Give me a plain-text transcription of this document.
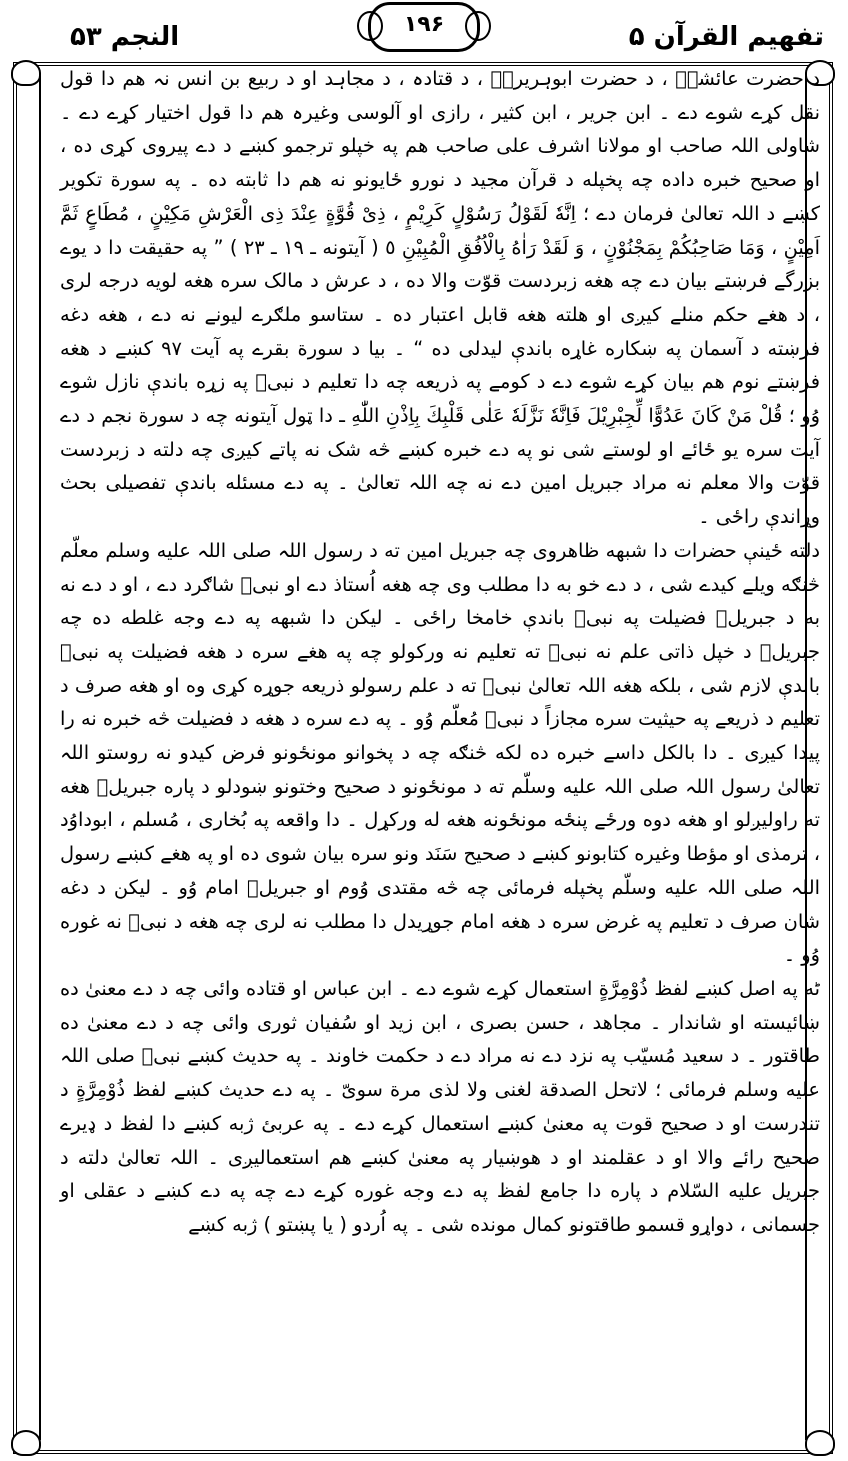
النجم ۵۳	۱۹۶	تفهیم القرآن ۵

د حضرت عائشہؓ ، د حضرت ابوہریرہؓ ، د قتادہ ، د مجاہد او د ربیع بن انس نہ ھم دا قول نقل کړے شوے دے ۔ ابن جریر ، ابن کثیر ، رازی او آلوسی وغیرہ ھم دا قول اختیار کړے دے ۔ شاولی اللہ صاحب او مولانا اشرف علی صاحب هم په خپلو ترجمو کښے د دے پیروی کړی ده ، او صحیح خبره داده چه پخپله د قرآن مجید د نورو ځایونو نه هم دا ثابته ده ۔ په سورة تکویر کښے د اللہ تعالیٰ فرمان دے ؛ اِنَّهٗ لَقَوْلُ رَسُوْلٍ كَرِيْمٍ ، ذِىْ قُوَّةٍ عِنْدَ ذِى الْعَرْشِ مَكِيْنٍ ، مُطَاعٍ ثَمَّ اَمِيْنٍ ، وَمَا صَاحِبُكُمْ بِمَجْنُوْنٍ ، وَ لَقَدْ رَاٰهُ بِالْاُفُقِ الْمُبِيْنِ ٥ ( آیتونه ـ ۱۹ ـ ۲۳ ) ” په حقیقت دا د یوے بزرگے فرښتے بیان دے چه هغه زبردست قوّت والا ده ، د عرش د مالک سره هغه لویه درجه لری ، د هغے حکم منلے کیږی او هلته هغه قابل اعتبار ده ۔ ستاسو ملګرے لیونے نه دے ، هغه دغه فرښته د آسمان په ښکاره غاړه باندې لیدلی ده “ ۔ بیا د سورة بقرے په آیت ۹۷ کښے د هغه فرښتے نوم هم بیان کړے شوے دے د کومے په ذریعه چه دا تعلیم د نبیؐ په زړه باندې نازل شوے وُو ؛ قُلْ مَنْ كَانَ عَدُوًّا لِّجِبْرِيْلَ فَاِنَّهٗ نَزَّلَهٗ عَلٰى قَلْبِكَ بِاِذْنِ اللّٰهِ ـ دا ټول آیتونه چه د سورة نجم د دے آیت سره یو ځائے او لوستے شی نو په دے خبره کښے څه شک نه پاتے کیږی چه دلته د زبردست قوّت والا معلم نه مراد جبریل امین دے نه چه اللہ تعالیٰ ۔ په دے مسئله باندې تفصیلی بحث وړاندې راځی ۔

دلته ځینې حضرات دا شبهه ظاهروی چه جبریل امین ته د رسول اللہ صلی اللہ علیه وسلم معلّم څنګه ویلے کیدے شی ، د دے خو به دا مطلب وی چه هغه اُستاذ دے او نبیؐ شاګرد دے ، او د دے نه به د جبریلؑ فضیلت په نبیؐ باندې خامخا راځی ۔ لیکن دا شبهه په دے وجه غلطه ده چه جبریلؑ د خپل ذاتی علم نه نبیؐ ته تعلیم نه ورکولو چه په هغے سره د هغه فضیلت په نبیؐ باندې لازم شی ، بلکه هغه اللہ تعالیٰ نبیؐ ته د علم رسولو ذریعه جوړه کړی وه او هغه صرف د تعلیم د ذریعے په حیثیت سره مجازاً د نبیؐ مُعلّم وُو ۔ په دے سره د هغه د فضیلت څه خبره نه را پیدا کیږی ۔ دا بالکل داسے خبره ده لکه څنګه چه د پخوانو مونځونو فرض کیدو نه روستو اللہ تعالیٰ رسول اللہ صلی اللہ علیه وسلّم ته د مونځونو د صحیح وختونو ښودلو د پاره جبریلؑ هغه ته راولیږلو او هغه دوه ورځے پنځه مونځونه هغه له ورکړل ۔ دا واقعه په بُخاری ، مُسلم ، ابوداوُد ، ترمذی او مؤطا وغیره کتابونو کښے د صحیح سَنَد ونو سره بیان شوی ده او په هغے کښے رسول اللہ صلی اللہ علیه وسلّم پخپله فرمائی چه څه مقتدی وُوم او جبریلؑ امام وُو ۔ لیکن د دغه شان صرف د تعلیم په غرض سره د هغه امام جوړیدل دا مطلب نه لری چه هغه د نبیؐ نه غوره وُو ۔

ٹه په اصل کښے لفظ ذُوْمِرَّةٍ استعمال کړے شوے دے ۔ ابن عباس او قتاده وائی چه د دے معنیٰ ده ښائیسته او شاندار ۔ مجاهد ، حسن بصری ، ابن زید او سُفیان ثوری وائی چه د دے معنیٰ ده طاقتور ۔ د سعید مُسیّب په نزد دے نه مراد دے د حکمت خاوند ۔ په حدیث کښے نبیؐ صلی اللہ علیه وسلم فرمائی ؛ لاتحل الصدقة لغنی ولا لذی مرة سویّ ۔ په دے حدیث کښے لفظ ذُوْمِرَّةٍ د تندرست او د صحیح قوت په معنیٰ کښے استعمال کړے دے ۔ په عربئ ژبه کښے دا لفظ د ډیرے صحیح رائے والا او د عقلمند او د هوښیار په معنیٰ کښے هم استعمالیږی ۔ اللہ تعالیٰ دلته د جبریل علیه السّلام د پاره دا جامع لفظ په دے وجه غوره کړے دے چه په دے کښے د عقلی او جسمانی ، دواړو قسمو طاقتونو کمال مونده شی ۔ په اُردو ( یا پښتو ) ژبه کښے
